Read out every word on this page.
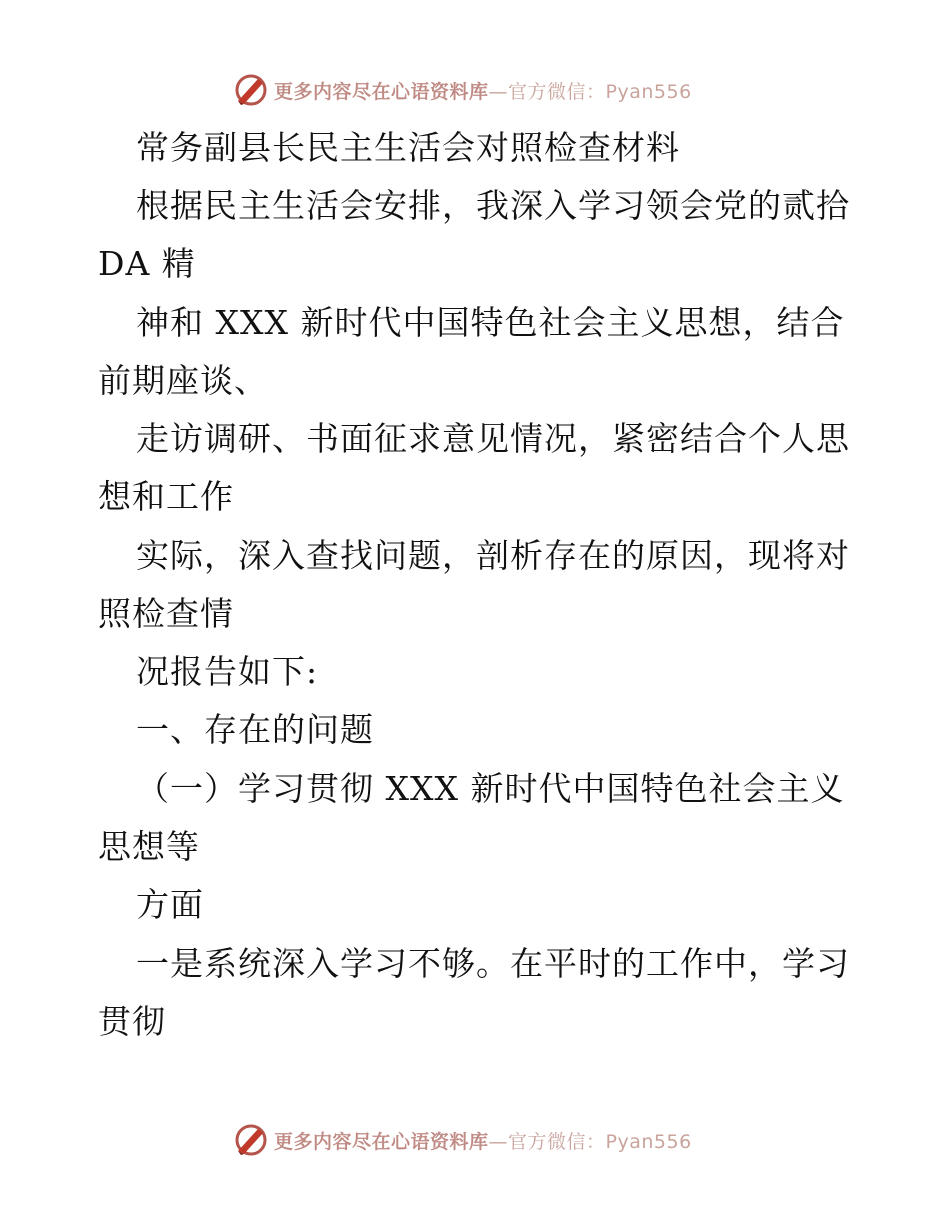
更多内容尽在心语资料库—官方微信：Pyan556
常务副县长民主生活会对照检查材料
根据民主生活会安排，我深入学习领会党的贰拾
DA 精
神和 XXX 新时代中国特色社会主义思想，结合
前期座谈、
走访调研、书面征求意见情况，紧密结合个人思
想和工作
实际，深入查找问题，剖析存在的原因，现将对
照检查情
况报告如下:
一、存在的问题
（一）学习贯彻 XXX 新时代中国特色社会主义
思想等
方面
一是系统深入学习不够。在平时的工作中，学习
贯彻
更多内容尽在心语资料库—官方微信：Pyan556
